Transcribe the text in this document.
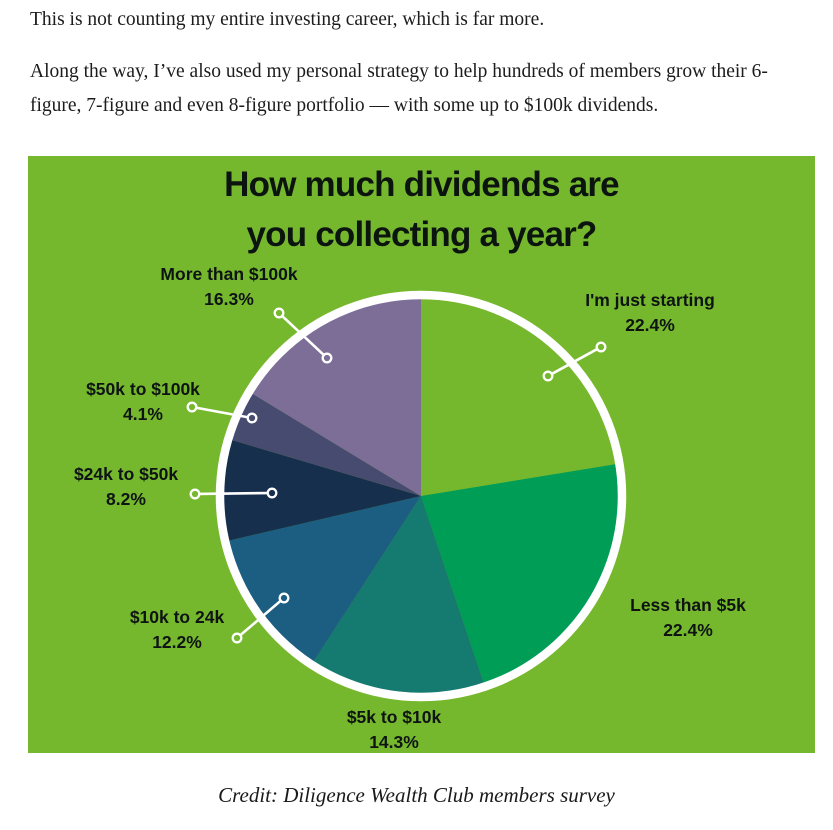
This is not counting my entire investing career, which is far more.

Along the way, I’ve also used my personal strategy to help hundreds of members grow their 6-figure, 7-figure and even 8-figure portfolio — with some up to $100k dividends.

How much dividends are
you collecting a year?
I'm just starting
22.4%
Less than $5k
22.4%
$5k to $10k
14.3%
$10k to 24k
12.2%
$24k to $50k
8.2%
$50k to $100k
4.1%
More than $100k
16.3%
Credit: Diligence Wealth Club members survey
